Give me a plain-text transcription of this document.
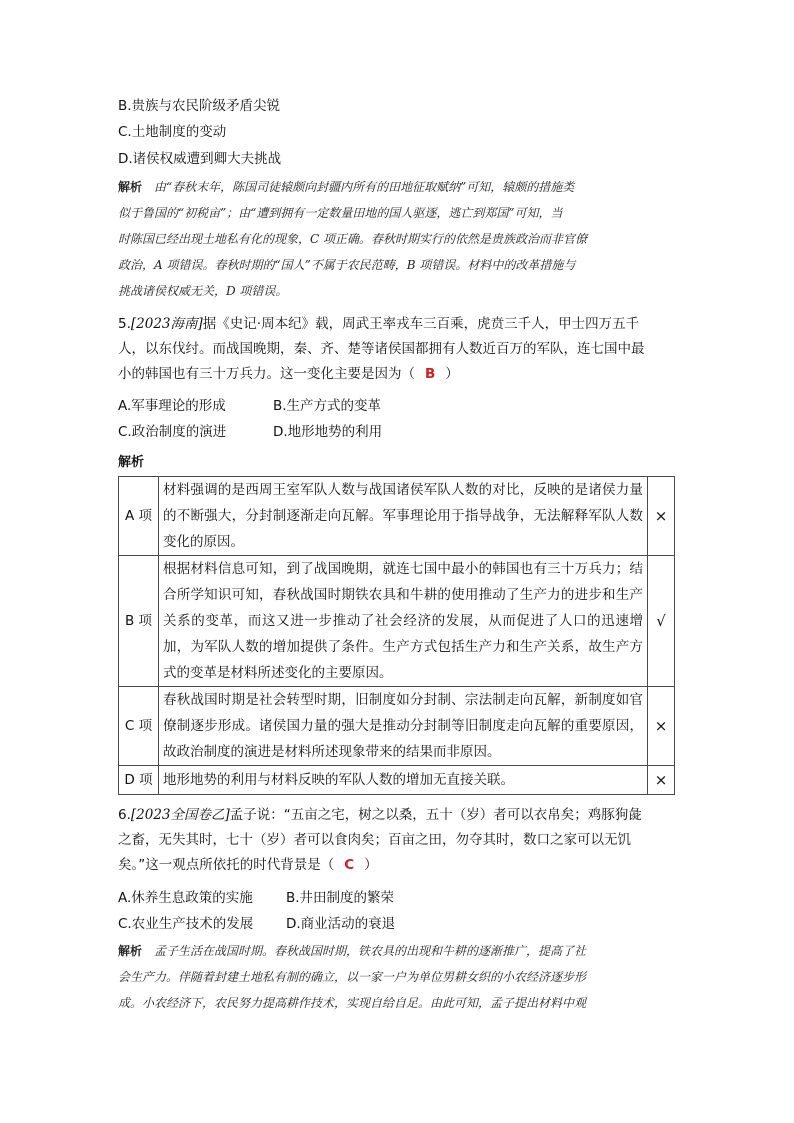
B.贵族与农民阶级矛盾尖锐
C.土地制度的变动
D.诸侯权威遭到卿大夫挑战
解析 由“春秋末年，陈国司徒辕颇向封疆内所有的田地征取赋纳”可知，辕颇的措施类
似于鲁国的“初税亩”；由“遭到拥有一定数量田地的国人驱逐，逃亡到郑国”可知，当
时陈国已经出现土地私有化的现象，C 项正确。春秋时期实行的依然是贵族政治而非官僚
政治，A 项错误。春秋时期的“国人”不属于农民范畴，B 项错误。材料中的改革措施与
挑战诸侯权威无关，D 项错误。
5.[2023海南]据《史记·周本纪》载，周武王率戎车三百乘，虎贲三千人，甲士四万五千
人，以东伐纣。而战国晚期，秦、齐、楚等诸侯国都拥有人数近百万的军队，连七国中最
小的韩国也有三十万兵力。这一变化主要是因为（ B ）
A.军事理论的形成	B.生产方式的变革
C.政治制度的演进	D.地形地势的利用
解析
A 项	材料强调的是西周王室军队人数与战国诸侯军队人数的对比，反映的是诸侯力量的不断强大，分封制逐渐走向瓦解。军事理论用于指导战争，无法解释军队人数变化的原因。	×
B 项	根据材料信息可知，到了战国晚期，就连七国中最小的韩国也有三十万兵力；结合所学知识可知，春秋战国时期铁农具和牛耕的使用推动了生产力的进步和生产关系的变革，而这又进一步推动了社会经济的发展，从而促进了人口的迅速增加，为军队人数的增加提供了条件。生产方式包括生产力和生产关系，故生产方式的变革是材料所述变化的主要原因。	√
C 项	春秋战国时期是社会转型时期，旧制度如分封制、宗法制走向瓦解，新制度如官僚制逐步形成。诸侯国力量的强大是推动分封制等旧制度走向瓦解的重要原因，故政治制度的演进是材料所述现象带来的结果而非原因。	×
D 项	地形地势的利用与材料反映的军队人数的增加无直接关联。	×
6.[2023全国卷乙]孟子说：“五亩之宅，树之以桑，五十（岁）者可以衣帛矣；鸡豚狗彘
之畜，无失其时，七十（岁）者可以食肉矣；百亩之田，勿夺其时，数口之家可以无饥
矣。”这一观点所依托的时代背景是（ C ）
A.休养生息政策的实施	B.井田制度的繁荣
C.农业生产技术的发展	D.商业活动的衰退
解析 孟子生活在战国时期。春秋战国时期，铁农具的出现和牛耕的逐渐推广，提高了社
会生产力。伴随着封建土地私有制的确立，以一家一户为单位男耕女织的小农经济逐步形
成。小农经济下，农民努力提高耕作技术，实现自给自足。由此可知，孟子提出材料中观
